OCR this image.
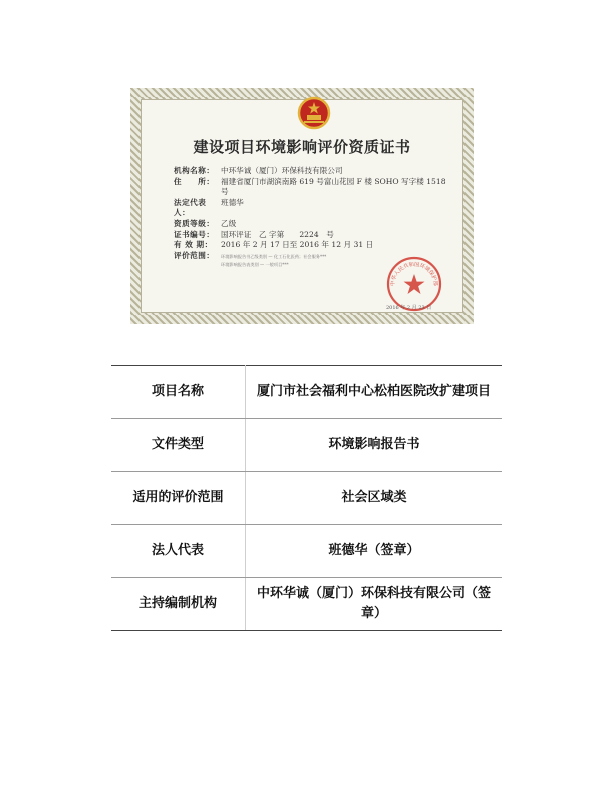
建设项目环境影响评价资质证书
机构名称： 中环华诚（厦门）环保科技有限公司
住　　所： 福建省厦门市湖滨南路 619 号富山花园 F 楼 SOHO 写字楼 1518 号
法定代表人：
班德华
资质等级： 乙级
证书编号： 国环评证　乙 字第　　2224　号
有 效 期：	2016 年 2 月 17 日至 2016 年 12 月 31 日
评价范围：	环境影响报告书乙级类别 — 化工石化医药；社会服务***
环境影响报告表类别 — 一般项目***
中华人民共和国环境保护部
2016 年 2 月 23 日
项目名称	厦门市社会福利中心松柏医院改扩建项目
文件类型	环境影响报告书
适用的评价范围	社会区域类
法人代表	班德华（签章）
主持编制机构	中环华诚（厦门）环保科技有限公司（签章）
